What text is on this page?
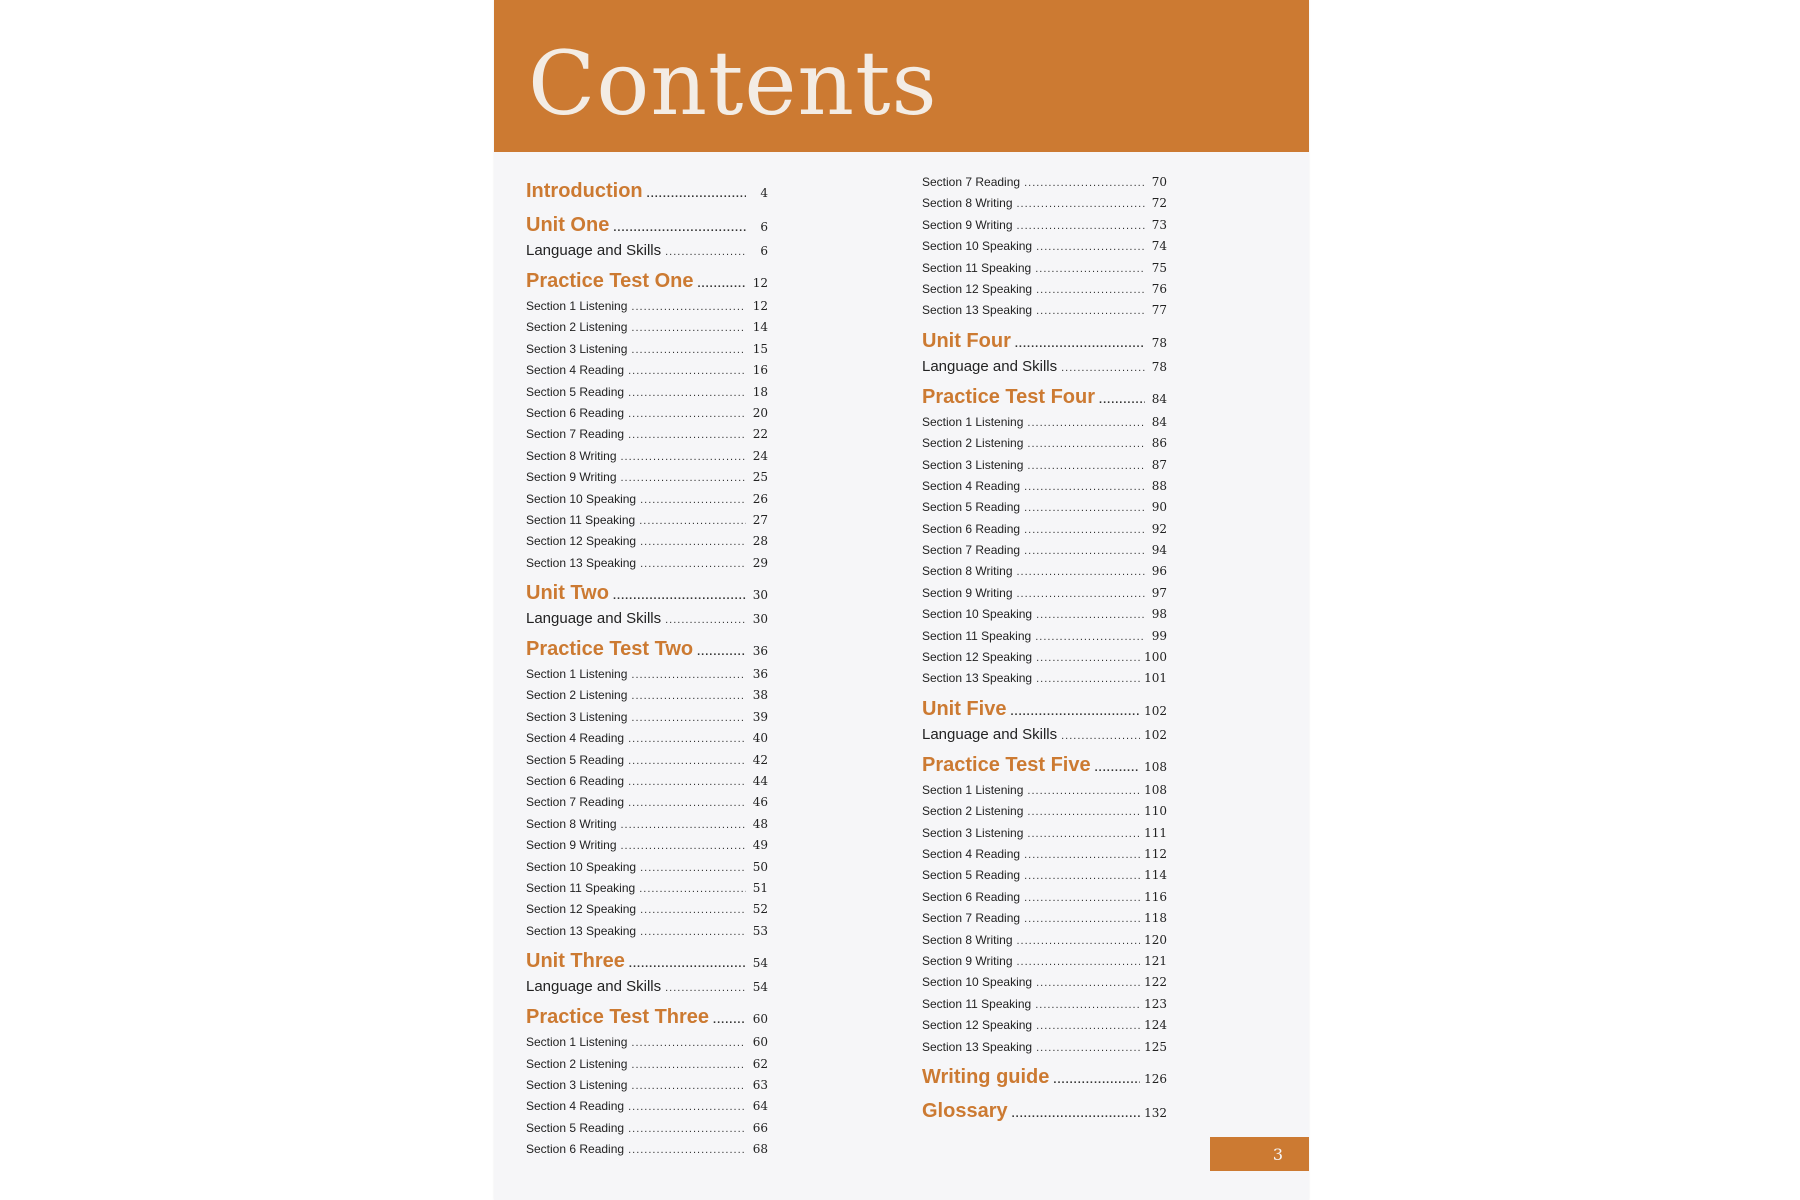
Contents
Introduction .....	4
Unit One .....	6
Language and Skills .....	6
Practice Test One .....	12
Section 1 Listening .....	12
Section 2 Listening .....	14
Section 3 Listening .....	15
Section 4 Reading .....	16
Section 5 Reading .....	18
Section 6 Reading .....	20
Section 7 Reading .....	22
Section 8 Writing .....	24
Section 9 Writing .....	25
Section 10 Speaking .....	26
Section 11 Speaking .....	27
Section 12 Speaking .....	28
Section 13 Speaking .....	29
Unit Two .....	30
Language and Skills .....	30
Practice Test Two .....	36
Section 1 Listening .....	36
Section 2 Listening .....	38
Section 3 Listening .....	39
Section 4 Reading .....	40
Section 5 Reading .....	42
Section 6 Reading .....	44
Section 7 Reading .....	46
Section 8 Writing .....	48
Section 9 Writing .....	49
Section 10 Speaking .....	50
Section 11 Speaking .....	51
Section 12 Speaking .....	52
Section 13 Speaking .....	53
Unit Three .....	54
Language and Skills .....	54
Practice Test Three .....	60
Section 1 Listening .....	60
Section 2 Listening .....	62
Section 3 Listening .....	63
Section 4 Reading .....	64
Section 5 Reading .....	66
Section 6 Reading .....	68
Section 7 Reading .....	70
Section 8 Writing .....	72
Section 9 Writing .....	73
Section 10 Speaking .....	74
Section 11 Speaking .....	75
Section 12 Speaking .....	76
Section 13 Speaking .....	77
Unit Four .....	78
Language and Skills .....	78
Practice Test Four .....	84
Section 1 Listening .....	84
Section 2 Listening .....	86
Section 3 Listening .....	87
Section 4 Reading .....	88
Section 5 Reading .....	90
Section 6 Reading .....	92
Section 7 Reading .....	94
Section 8 Writing .....	96
Section 9 Writing .....	97
Section 10 Speaking .....	98
Section 11 Speaking .....	99
Section 12 Speaking .....	100
Section 13 Speaking .....	101
Unit Five .....	102
Language and Skills .....	102
Practice Test Five .....	108
Section 1 Listening .....	108
Section 2 Listening .....	110
Section 3 Listening .....	111
Section 4 Reading .....	112
Section 5 Reading .....	114
Section 6 Reading .....	116
Section 7 Reading .....	118
Section 8 Writing .....	120
Section 9 Writing .....	121
Section 10 Speaking .....	122
Section 11 Speaking .....	123
Section 12 Speaking .....	124
Section 13 Speaking .....	125
Writing guide .....	126
Glossary .....	132
3
